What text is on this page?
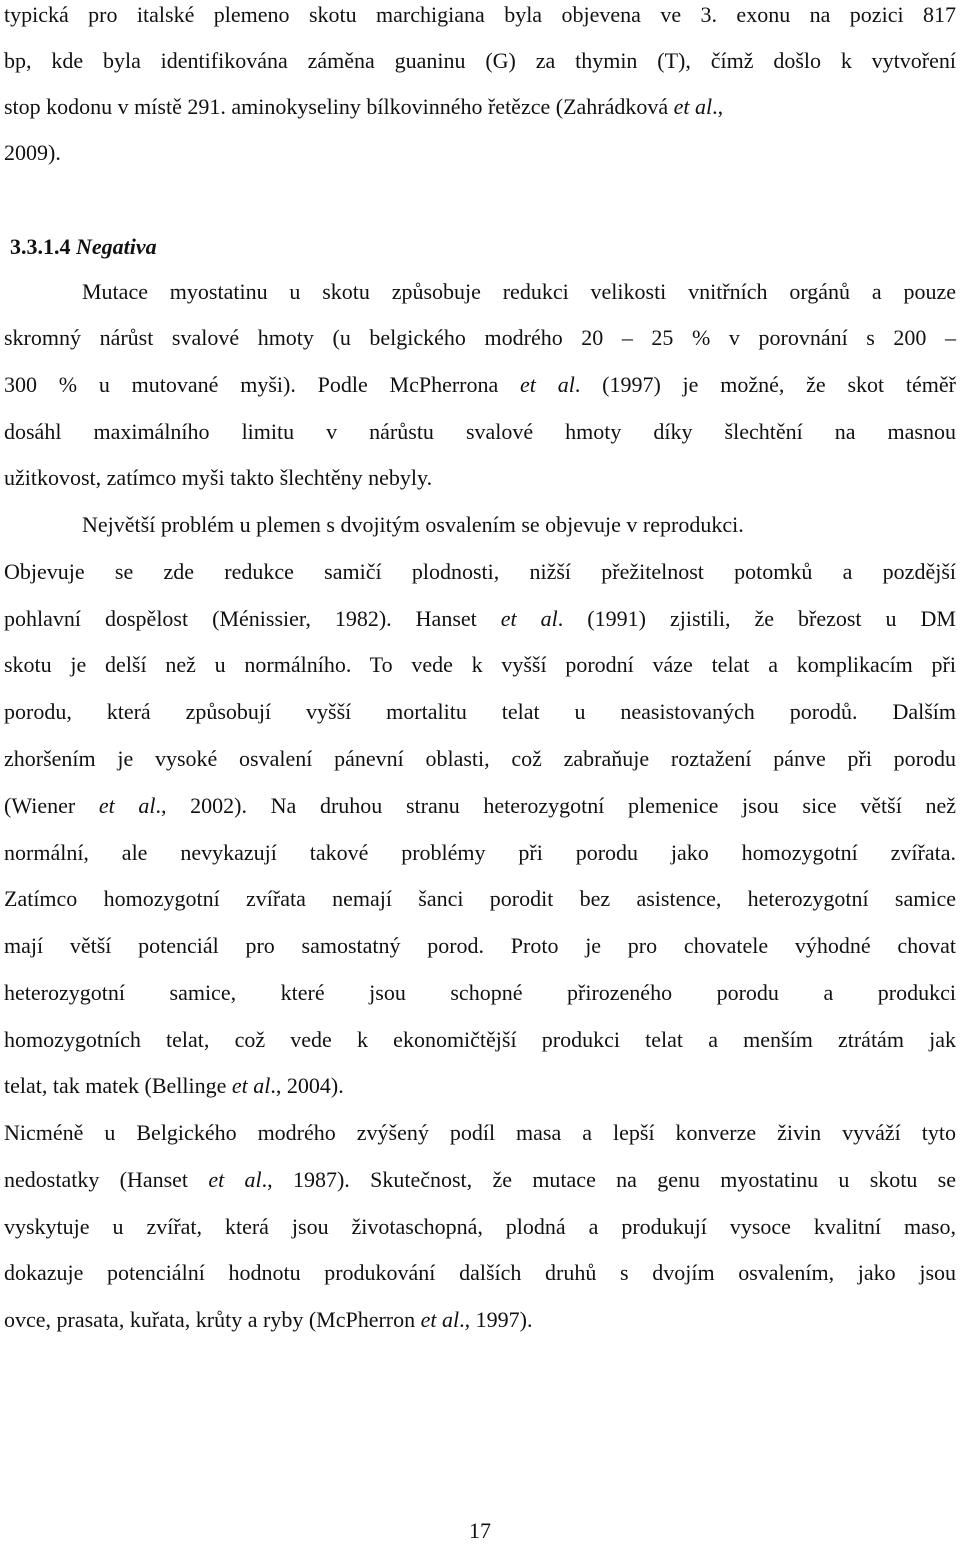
typická pro italské plemeno skotu marchigiana byla objevena ve 3. exonu na pozici 817
bp, kde byla identifikována záměna guaninu (G) za thymin (T), čímž došlo k vytvoření
stop kodonu v místě 291. aminokyseliny bílkovinného řetězce (Zahrádková et al.,
2009).
3.3.1.4 Negativa
Mutace myostatinu u skotu způsobuje redukci velikosti vnitřních orgánů a pouze
skromný nárůst svalové hmoty (u belgického modrého 20 – 25 % v porovnání s 200 –
300 % u mutované myši). Podle McPherrona et al. (1997) je možné, že skot téměř
dosáhl maximálního limitu v nárůstu svalové hmoty díky šlechtění na masnou
užitkovost, zatímco myši takto šlechtěny nebyly.
Největší problém u plemen s dvojitým osvalením se objevuje v reprodukci.
Objevuje se zde redukce samičí plodnosti, nižší přežitelnost potomků a pozdější
pohlavní dospělost (Ménissier, 1982). Hanset et al. (1991) zjistili, že březost u DM
skotu je delší než u normálního. To vede k vyšší porodní váze telat a komplikacím při
porodu, která způsobují vyšší mortalitu telat u neasistovaných porodů. Dalším
zhoršením je vysoké osvalení pánevní oblasti, což zabraňuje roztažení pánve při porodu
(Wiener et al., 2002). Na druhou stranu heterozygotní plemenice jsou sice větší než
normální, ale nevykazují takové problémy při porodu jako homozygotní zvířata.
Zatímco homozygotní zvířata nemají šanci porodit bez asistence, heterozygotní samice
mají větší potenciál pro samostatný porod. Proto je pro chovatele výhodné chovat
heterozygotní samice, které jsou schopné přirozeného porodu a produkci
homozygotních telat, což vede k ekonomičtější produkci telat a menším ztrátám jak
telat, tak matek (Bellinge et al., 2004).
Nicméně u Belgického modrého zvýšený podíl masa a lepší konverze živin vyváží tyto
nedostatky (Hanset et al., 1987). Skutečnost, že mutace na genu myostatinu u skotu se
vyskytuje u zvířat, která jsou životaschopná, plodná a produkují vysoce kvalitní maso,
dokazuje potenciální hodnotu produkování dalších druhů s dvojím osvalením, jako jsou
ovce, prasata, kuřata, krůty a ryby (McPherron et al., 1997).
17
